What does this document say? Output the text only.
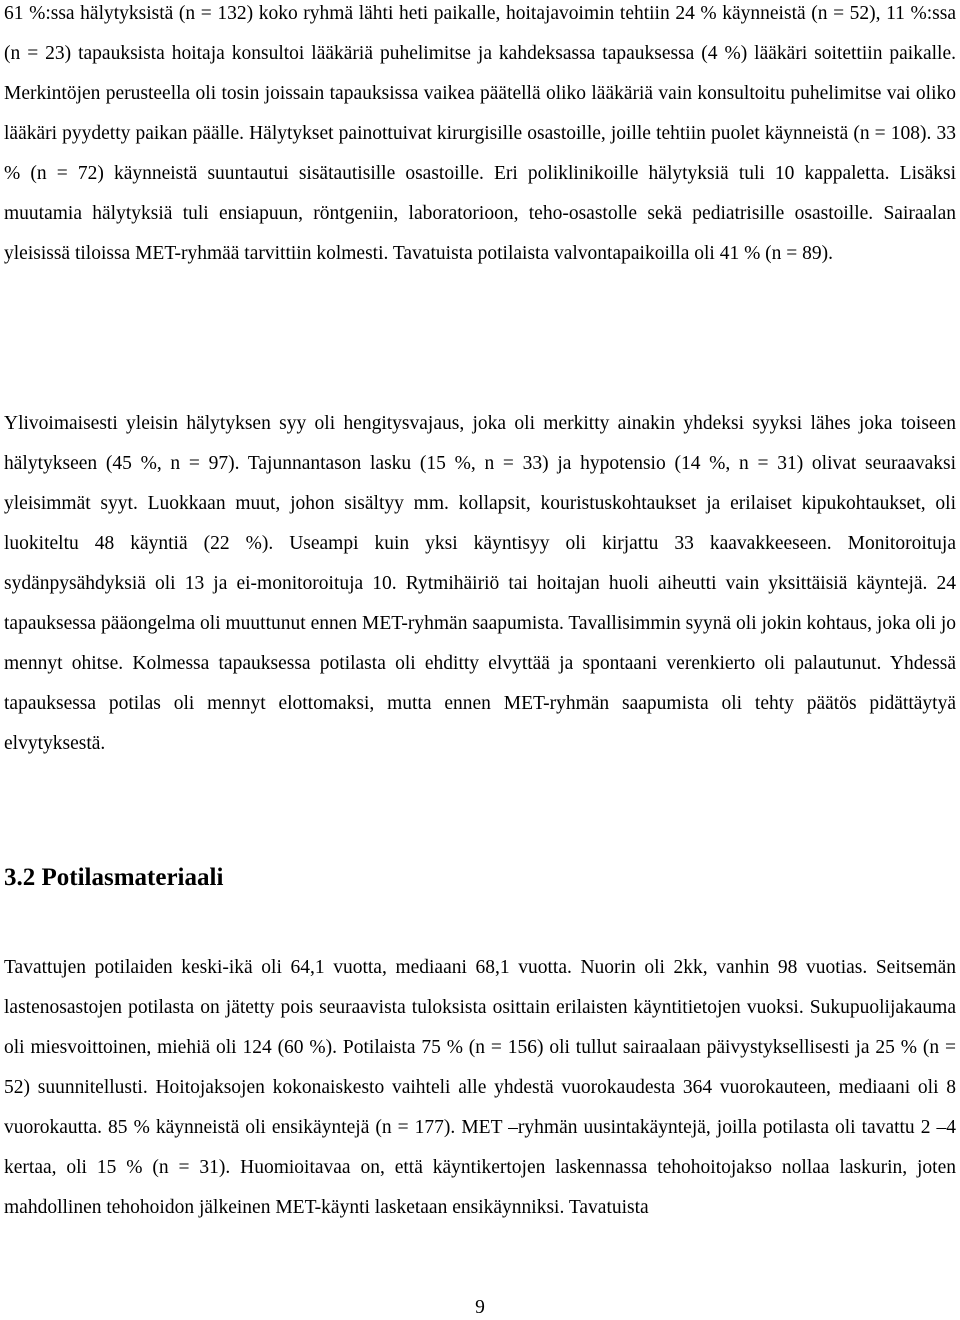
61 %:ssa hälytyksistä (n = 132) koko ryhmä lähti heti paikalle, hoitajavoimin tehtiin 24 % käynneistä (n = 52), 11 %:ssa (n = 23) tapauksista hoitaja konsultoi lääkäriä puhelimitse ja kahdeksassa tapauksessa (4 %) lääkäri soitettiin paikalle. Merkintöjen perusteella oli tosin joissain tapauksissa vaikea päätellä oliko lääkäriä vain konsultoitu puhelimitse vai oliko lääkäri pyydetty paikan päälle. Hälytykset painottuivat kirurgisille osastoille, joille tehtiin puolet käynneistä (n = 108). 33 % (n = 72) käynneistä suuntautui sisätautisille osastoille. Eri poliklinikoille hälytyksiä tuli 10 kappaletta. Lisäksi muutamia hälytyksiä tuli ensiapuun, röntgeniin, laboratorioon, teho-osastolle sekä pediatrisille osastoille. Sairaalan yleisissä tiloissa MET-ryhmää tarvittiin kolmesti. Tavatuista potilaista valvontapaikoilla oli 41 % (n = 89).

Ylivoimaisesti yleisin hälytyksen syy oli hengitysvajaus, joka oli merkitty ainakin yhdeksi syyksi lähes joka toiseen hälytykseen (45 %, n = 97). Tajunnantason lasku (15 %, n = 33) ja hypotensio (14 %, n = 31) olivat seuraavaksi yleisimmät syyt. Luokkaan muut, johon sisältyy mm. kollapsit, kouristuskohtaukset ja erilaiset kipukohtaukset, oli luokiteltu 48 käyntiä (22 %). Useampi kuin yksi käyntisyy oli kirjattu 33 kaavakkeeseen. Monitoroituja sydänpysähdyksiä oli 13 ja ei-monitoroituja 10. Rytmihäiriö tai hoitajan huoli aiheutti vain yksittäisiä käyntejä. 24 tapauksessa pääongelma oli muuttunut ennen MET-ryhmän saapumista. Tavallisimmin syynä oli jokin kohtaus, joka oli jo mennyt ohitse. Kolmessa tapauksessa potilasta oli ehditty elvyttää ja spontaani verenkierto oli palautunut. Yhdessä tapauksessa potilas oli mennyt elottomaksi, mutta ennen MET-ryhmän saapumista oli tehty päätös pidättäytyä elvytyksestä.

3.2 Potilasmateriaali

Tavattujen potilaiden keski-ikä oli 64,1 vuotta, mediaani 68,1 vuotta. Nuorin oli 2kk, vanhin 98 vuotias. Seitsemän lastenosastojen potilasta on jätetty pois seuraavista tuloksista osittain erilaisten käyntitietojen vuoksi. Sukupuolijakauma oli miesvoittoinen, miehiä oli 124 (60 %). Potilaista 75 % (n = 156) oli tullut sairaalaan päivystyksellisesti ja 25 % (n = 52) suunnitellusti. Hoitojaksojen kokonaiskesto vaihteli alle yhdestä vuorokaudesta 364 vuorokauteen, mediaani oli 8 vuorokautta. 85 % käynneistä oli ensikäyntejä (n = 177). MET –ryhmän uusintakäyntejä, joilla potilasta oli tavattu 2 –4 kertaa, oli 15 % (n = 31). Huomioitavaa on, että käyntikertojen laskennassa tehohoitojakso nollaa laskurin, joten mahdollinen tehohoidon jälkeinen MET-käynti lasketaan ensikäynniksi. Tavatuista

9
